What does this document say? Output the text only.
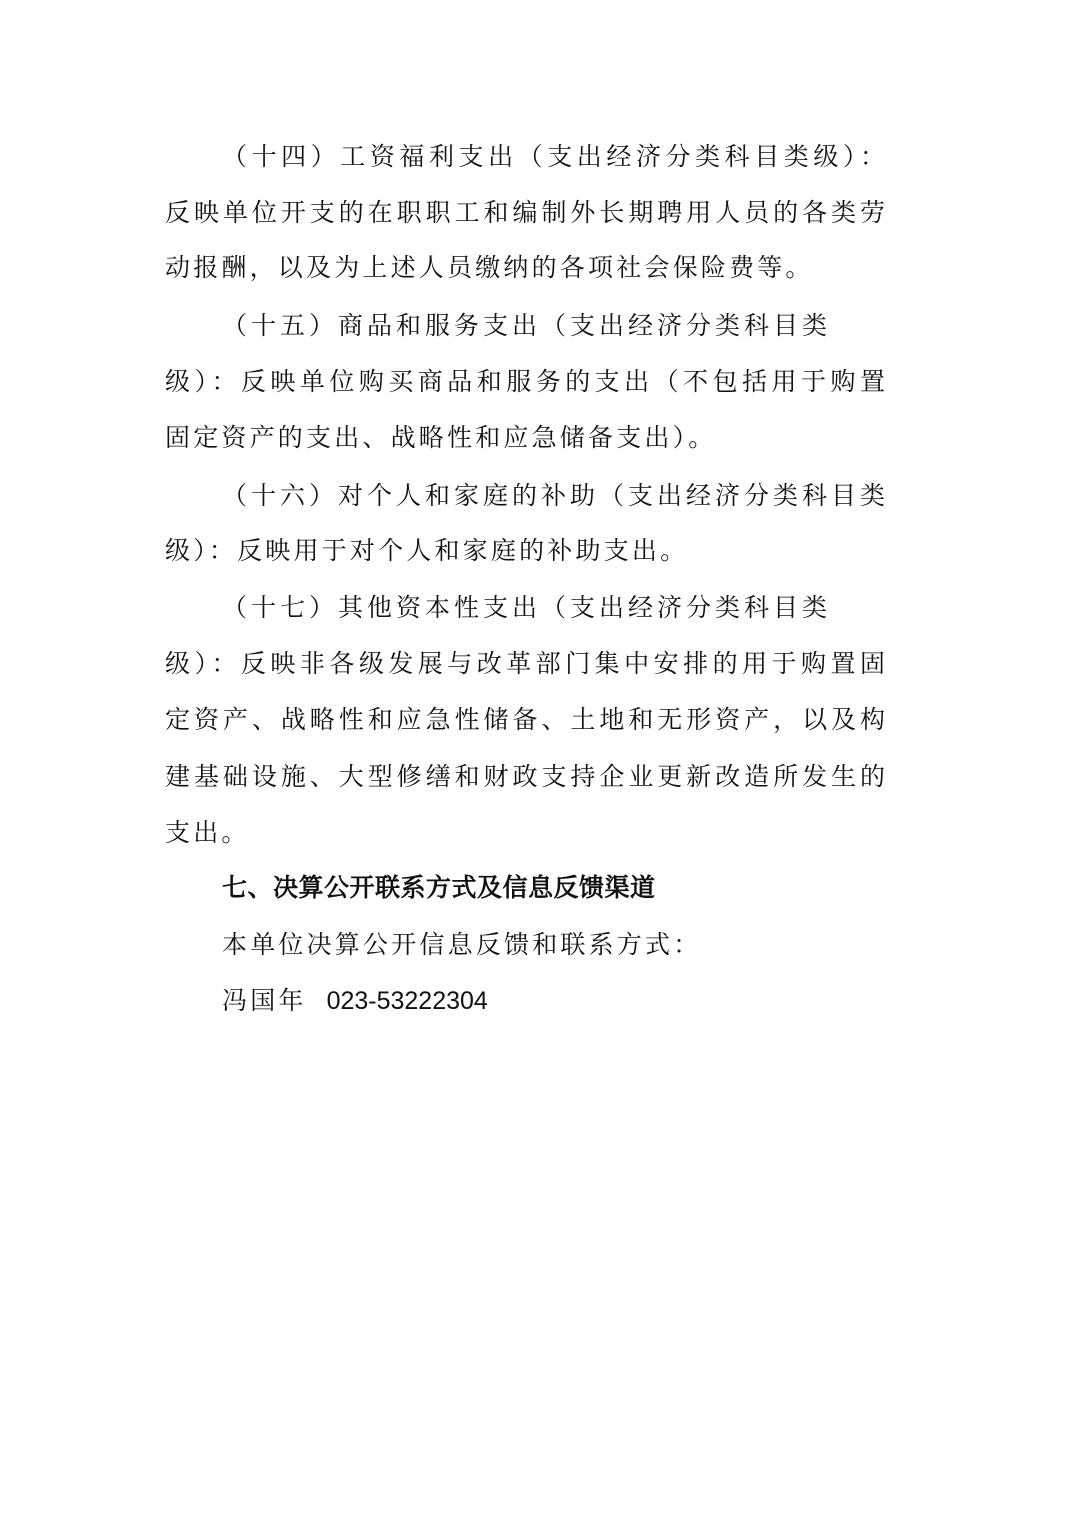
（十四）工资福利支出（支出经济分类科目类级）：
反映单位开支的在职职工和编制外长期聘用人员的各类劳
动报酬，以及为上述人员缴纳的各项社会保险费等。
（十五）商品和服务支出（支出经济分类科目类
级）：反映单位购买商品和服务的支出（不包括用于购置
固定资产的支出、战略性和应急储备支出）。
（十六）对个人和家庭的补助（支出经济分类科目类
级）：反映用于对个人和家庭的补助支出。
（十七）其他资本性支出（支出经济分类科目类
级）：反映非各级发展与改革部门集中安排的用于购置固
定资产、战略性和应急性储备、土地和无形资产，以及构
建基础设施、大型修缮和财政支持企业更新改造所发生的
支出。
七、决算公开联系方式及信息反馈渠道
本单位决算公开信息反馈和联系方式：
冯国年 023-53222304
